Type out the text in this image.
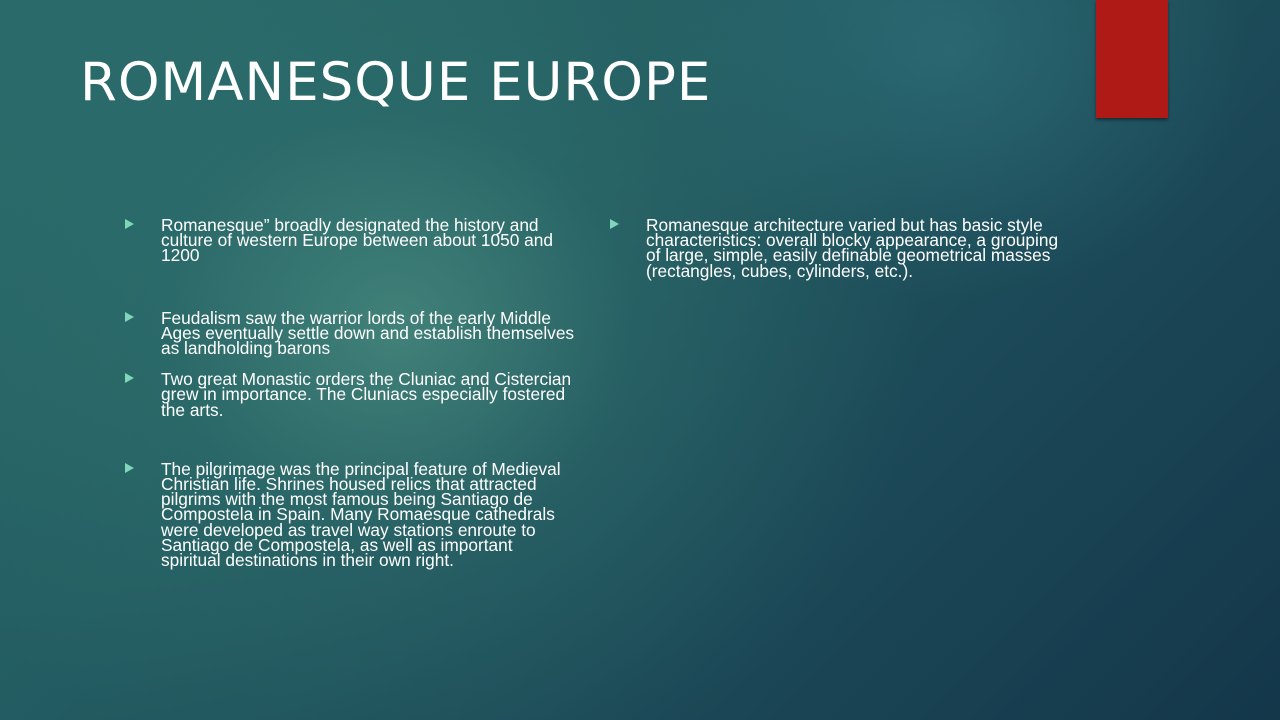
ROMANESQUE EUROPE
Romanesque” broadly designated the history and culture of western Europe between about 1050 and 1200
Feudalism saw the warrior lords of the early Middle Ages eventually settle down and establish themselves as landholding barons
Two great Monastic orders the Cluniac and Cistercian grew in importance. The Cluniacs especially fostered the arts.
The pilgrimage was the principal feature of Medieval Christian life. Shrines housed relics that attracted pilgrims with the most famous being Santiago de Compostela in Spain. Many Romaesque cathedrals were developed as travel way stations enroute to Santiago de Compostela, as well as important spiritual destinations in their own right.
Romanesque architecture varied but has basic style characteristics: overall blocky appearance, a grouping of large, simple, easily definable geometrical masses (rectangles, cubes, cylinders, etc.).
